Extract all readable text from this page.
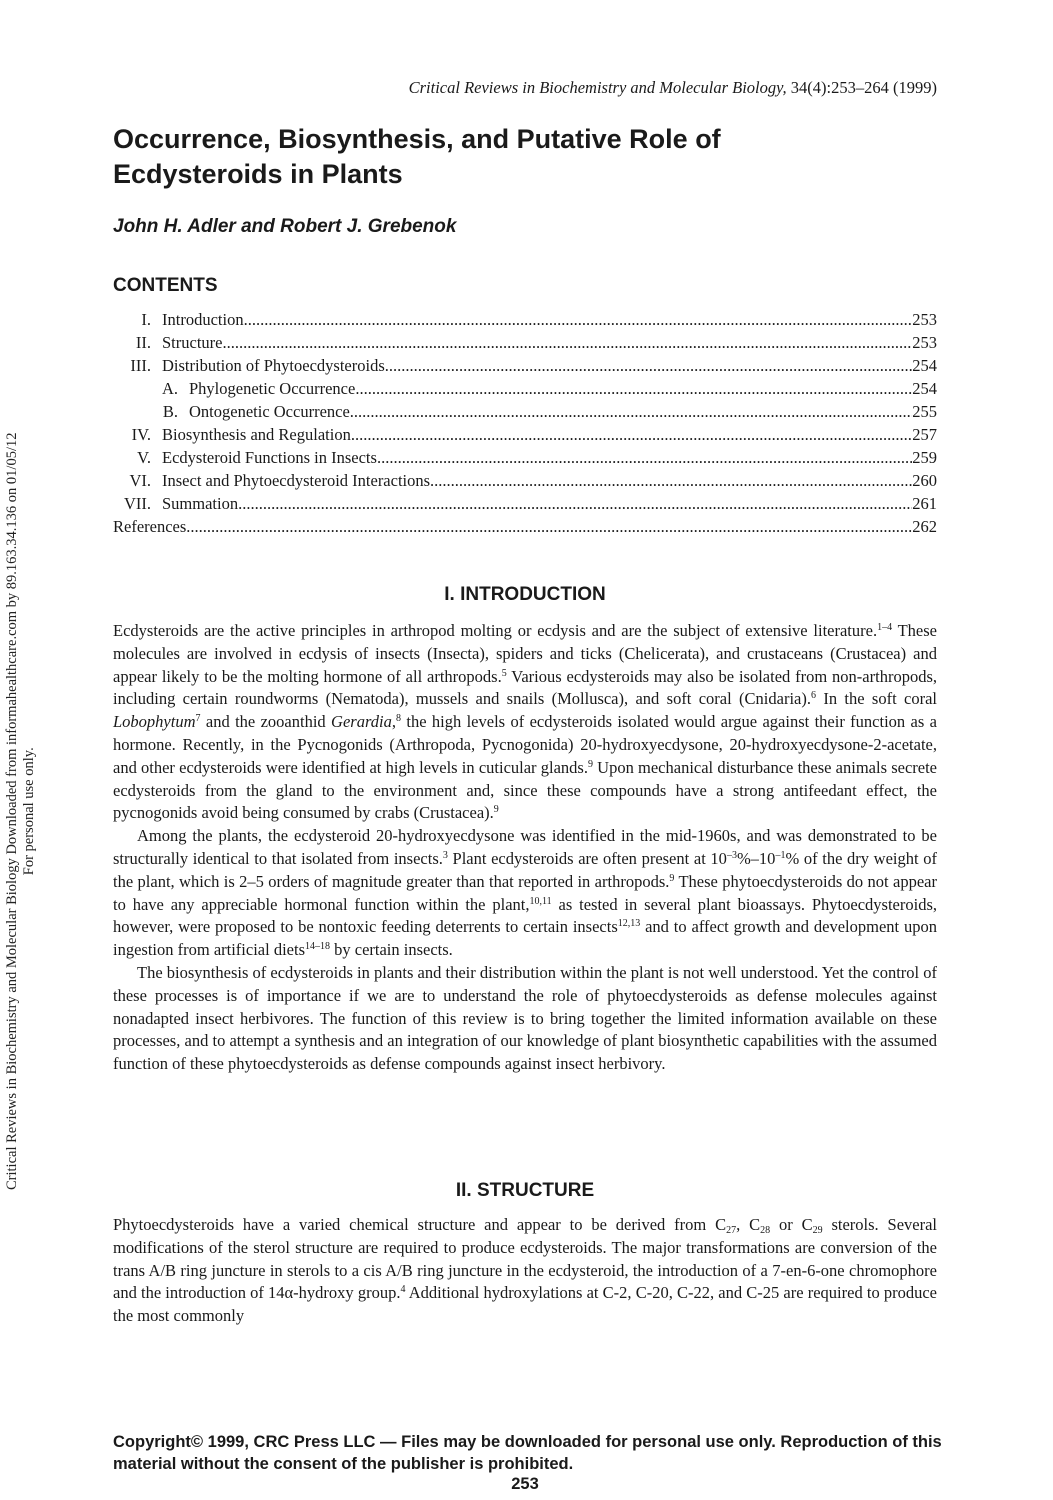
Critical Reviews in Biochemistry and Molecular Biology Downloaded from informahealthcare.com by 89.163.34.136 on 01/05/12 For personal use only.
Critical Reviews in Biochemistry and Molecular Biology, 34(4):253–264 (1999)
Occurrence, Biosynthesis, and Putative Role of
Ecdysteroids in Plants
John H. Adler and Robert J. Grebenok
CONTENTS
I. Introduction .....	253
II. Structure .....	253
III. Distribution of Phytoecdysteroids .....	254
A. Phylogenetic Occurrence .....	254
B. Ontogenetic Occurrence .....	255
IV. Biosynthesis and Regulation .....	257
V. Ecdysteroid Functions in Insects .....	259
VI. Insect and Phytoecdysteroid Interactions .....	260
VII. Summation .....	261
References .....	262
I. INTRODUCTION

Ecdysteroids are the active principles in arthropod molting or ecdysis and are the subject of extensive literature.$^{1-4}$ These molecules are involved in ecdysis of insects (Insecta), spiders and ticks (Chelicerata), and crustaceans (Crustacea) and appear likely to be the molting hormone of all arthropods.$^5$ Various ecdysteroids may also be isolated from non-arthropods, including certain roundworms (Nematoda), mussels and snails (Mollusca), and soft coral (Cnidaria).$^6$ In the soft coral Lobophytum$^7$ and the zooanthid Gerardia,$^8$ the high levels of ecdysteroids isolated would argue against their function as a hormone. Recently, in the Pycnogonids (Arthropoda, Pycnogonida) 20-hydroxyecdysone, 20-hydroxyecdysone-2-acetate, and other ecdysteroids were identified at high levels in cuticular glands.$^9$ Upon mechanical disturbance these animals secrete ecdysteroids from the gland to the environment and, since these compounds have a strong antifeedant effect, the pycnogonids avoid being consumed by crabs (Crustacea).$^9$

Among the plants, the ecdysteroid 20-hydroxyecdysone was identified in the mid-1960s, and was demonstrated to be structurally identical to that isolated from insects.$^3$ Plant ecdysteroids are often present at $10^{-3}\%-10^{-1}\%$ of the dry weight of the plant, which is 2–5 orders of magnitude greater than that reported in arthropods.$^9$ These phytoecdysteroids do not appear to have any appreciable hormonal function within the plant,$^{10,11}$ as tested in several plant bioassays. Phytoecdysteroids, however, were proposed to be nontoxic feeding deterrents to certain insects$^{12,13}$ and to affect growth and development upon ingestion from artificial diets$^{14-18}$ by certain insects.

The biosynthesis of ecdysteroids in plants and their distribution within the plant is not well understood. Yet the control of these processes is of importance if we are to understand the role of phytoecdysteroids as defense molecules against nonadapted insect herbivores. The function of this review is to bring together the limited information available on these processes, and to attempt a synthesis and an integration of our knowledge of plant biosynthetic capabilities with the assumed function of these phytoecdysteroids as defense compounds against insect herbivory.

II. STRUCTURE

Phytoecdysteroids have a varied chemical structure and appear to be derived from $C_{27}$, $C_{28}$ or $C_{29}$ sterols. Several modifications of the sterol structure are required to produce ecdysteroids. The major transformations are conversion of the trans A/B ring juncture in sterols to a cis A/B ring juncture in the ecdysteroid, the introduction of a 7-en-6-one chromophore and the introduction of 14α-hydroxy group.$^4$ Additional hydroxylations at C-2, C-20, C-22, and C-25 are required to produce the most commonly

Copyright© 1999, CRC Press LLC — Files may be downloaded for personal use only. Reproduction of this material without the consent of the publisher is prohibited.
253
